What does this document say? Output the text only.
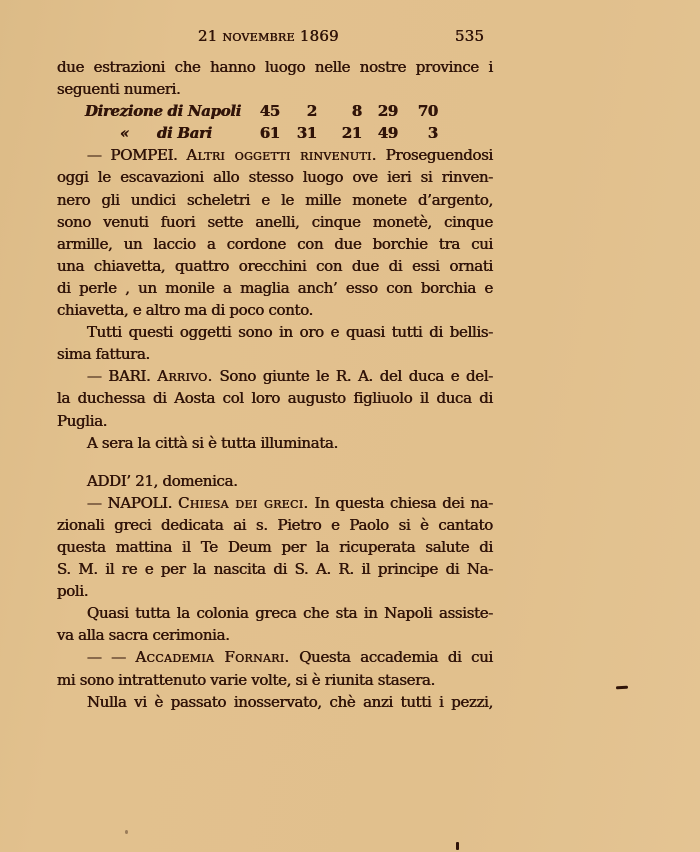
21 novembre 1869	535
due estrazioni che hanno luogo nelle nostre province i
seguenti numeri.
Direzione di Napoli	45	2	8	29	70
« di Bari	61	31	21	49	3
— POMPEI. Altri oggetti rinvenuti. Proseguendosi
oggi le escavazioni allo stesso luogo ove ieri si rinven-
nero gli undici scheletri e le mille monete d’argento,
sono venuti fuori sette anelli, cinque monetè, cinque
armille, un laccio a cordone con due borchie tra cui
una chiavetta, quattro orecchini con due di essi ornati
di perle , un monile a maglia anch’ esso con borchia e
chiavetta, e altro ma di poco conto.
Tutti questi oggetti sono in oro e quasi tutti di bellis-
sima fattura.
— BARI. Arrivo. Sono giunte le R. A. del duca e del-
la duchessa di Aosta col loro augusto figliuolo il duca di
Puglia.
A sera la città si è tutta illuminata.
ADDI’ 21, domenica.
— NAPOLI. Chiesa dei greci. In questa chiesa dei na-
zionali greci dedicata ai s. Pietro e Paolo si è cantato
questa mattina il Te Deum per la ricuperata salute di
S. M. il re e per la nascita di S. A. R. il principe di Na-
poli.
Quasi tutta la colonia greca che sta in Napoli assiste-
va alla sacra cerimonia.
— — Accademia Fornari. Questa accademia di cui
mi sono intrattenuto varie volte, si è riunita stasera.
Nulla vi è passato inosservato, chè anzi tutti i pezzi,
